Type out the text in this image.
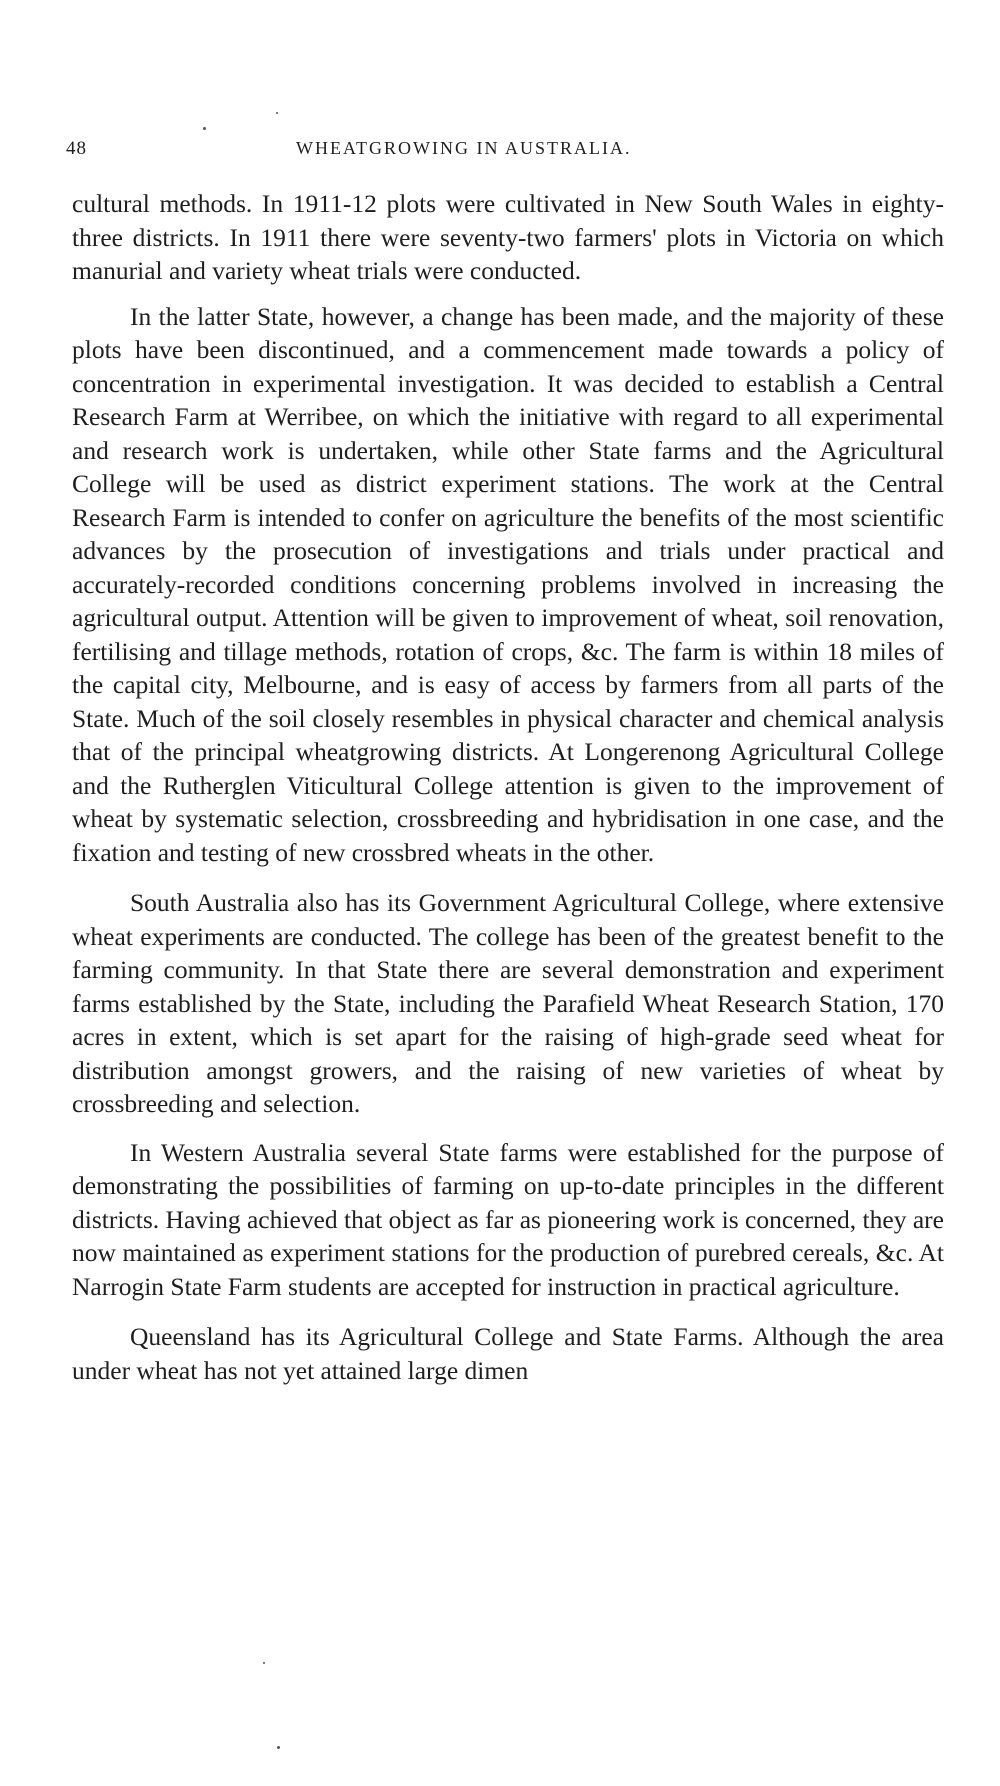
48	WHEATGROWING IN AUSTRALIA.

cultural methods. In 1911-12 plots were cultivated in New South Wales in eighty-three districts. In 1911 there were seventy-two farmers' plots in Victoria on which manurial and variety wheat trials were conducted.

In the latter State, however, a change has been made, and the majority of these plots have been discontinued, and a commencement made towards a policy of concentration in experimental investigation. It was decided to establish a Central Research Farm at Werribee, on which the initiative with regard to all experimental and research work is undertaken, while other State farms and the Agricultural College will be used as district experiment stations. The work at the Central Research Farm is intended to confer on agriculture the benefits of the most scientific advances by the prosecution of investigations and trials under practical and accurately-recorded conditions concerning problems involved in increasing the agricultural output. Attention will be given to improvement of wheat, soil renovation, fertilising and tillage methods, rotation of crops, &c. The farm is within 18 miles of the capital city, Melbourne, and is easy of access by farmers from all parts of the State. Much of the soil closely resembles in physical character and chemical analysis that of the principal wheatgrowing districts. At Longerenong Agricultural College and the Rutherglen Viticultural College attention is given to the improvement of wheat by systematic selection, crossbreeding and hybridisation in one case, and the fixation and testing of new crossbred wheats in the other.

South Australia also has its Government Agricultural College, where extensive wheat experiments are conducted. The college has been of the greatest benefit to the farming community. In that State there are several demonstration and experiment farms established by the State, including the Parafield Wheat Research Station, 170 acres in extent, which is set apart for the raising of high-grade seed wheat for distribution amongst growers, and the raising of new varieties of wheat by crossbreeding and selection.

In Western Australia several State farms were established for the purpose of demonstrating the possibilities of farming on up-to-date principles in the different districts. Having achieved that object as far as pioneering work is concerned, they are now maintained as experiment stations for the production of purebred cereals, &c. At Narrogin State Farm students are accepted for instruction in practical agriculture.

Queensland has its Agricultural College and State Farms. Although the area under wheat has not yet attained large dimen
